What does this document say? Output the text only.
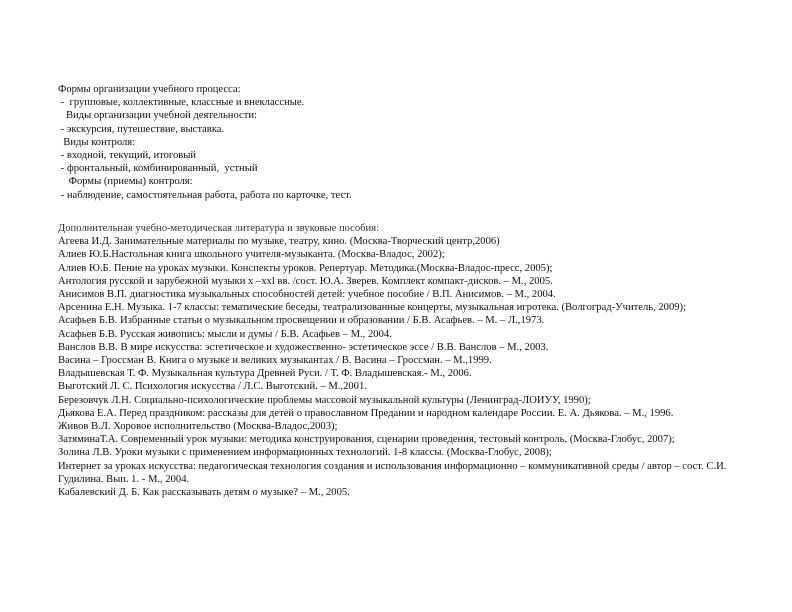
Формы организации учебного процесса:
-  групповые, коллективные, классные и внеклассные.
Виды организации учебной деятельности:
- экскурсия, путешествие, выставка.
Виды контроля:
- входной, текущий, итоговый
- фронтальный, комбинированный,  устный
Формы (приемы) контроля:
- наблюдение, самостоятельная работа, работа по карточке, тест.
Дополнительная учебно-методическая литература и звуковые пособия:
Агеева И.Д. Занимательные материалы по музыке, театру, кино. (Москва-Творческий центр,2006)
Алиев Ю.Б.Настольная книга школьного учителя-музыканта. (Москва-Владос, 2002);
Алиев Ю.Б. Пение на уроках музыки. Конспекты уроков. Репертуар. Методика.(Москва-Владос-пресс, 2005);
Антология русской и зарубежной музыки х –ххl вв. /сост. Ю.А. Зверев. Комплект компакт-дисков. – М., 2005.
Анисимов В.П. диагностика музыкальных способностей детей: учебное пособие / В.П. Анисимов. – М., 2004.
Арсенина Е.Н. Музыка. 1-7 классы: тематические беседы, театрализованные концерты, музыкальная игротека. (Волгоград-Учитель, 2009);
Асафьев Б.В. Избранные статьи о музыкальном просвещении и образовании / Б.В. Асафьев. – М. – Л.,1973.
Асафьев Б.В. Русская живопись: мысли и думы / Б.В. Асафьев – М., 2004.
Ванслов В.В. В мире искусства: эстетическое и художественно- эстетическое эссе / В.В. Ванслов – М., 2003.
Васина – Гроссман В. Книга о музыке и великих музыкантах / В. Васина – Гроссман. – М.,1999.
Владышевская Т. Ф. Музыкальная культура Древней Руси. / Т. Ф. Владышевская.- М., 2006.
Выготский Л. С. Психология искусства / Л.С. Выготский. – М.,2001.
Березовчук Л.Н. Социально-психологические проблемы массовой музыкальной культуры (Ленинград-ЛОИУУ, 1990);
Дьякова Е.А. Перед праздником: рассказы для детей о православном Предании и народном календаре России. Е. А. Дьякова. – М., 1996.
Живов В.Л. Хоровое исполнительство (Москва-Владос,2003);
ЗатяминаТ.А. Современный урок музыки: методика конструирования, сценарии проведения, тестовый контроль. (Москва-Глобус, 2007);
Золина Л.В. Уроки музыки с применением информационных технологий. 1-8 классы. (Москва-Глобус, 2008);
Интернет за уроках искусства: педагогическая технология создания и использования информационно – коммуникативной среды / автор – сост. С.И. Гудилина. Вып. 1. - М., 2004.
Кабалевский Д. Б. Как рассказывать детям о музыке? – М., 2005.
